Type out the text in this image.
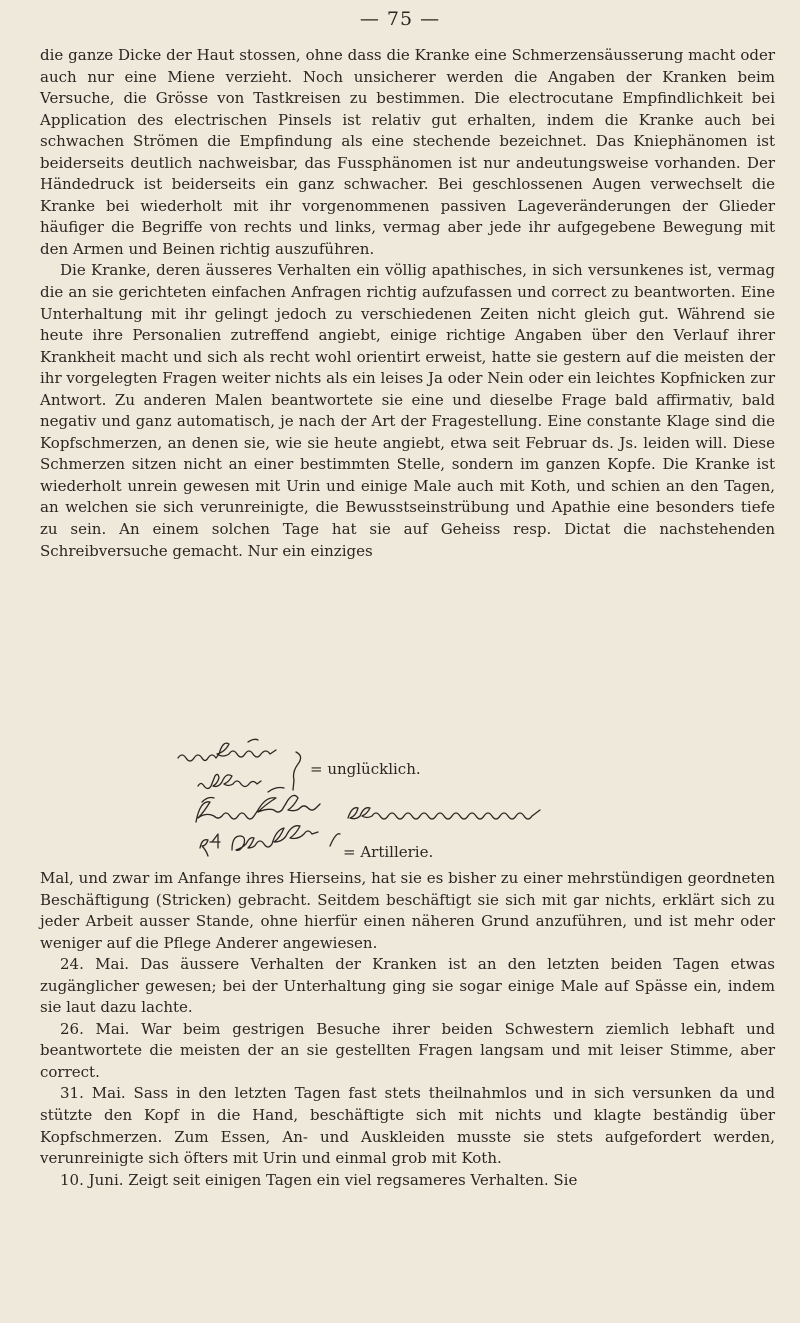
— 75 —

die ganze Dicke der Haut stossen, ohne dass die Kranke eine Schmerzensäusserung macht oder auch nur eine Miene verzieht. Noch unsicherer werden die Angaben der Kranken beim Versuche, die Grösse von Tastkreisen zu bestimmen. Die electrocutane Empfindlichkeit bei Application des electrischen Pinsels ist relativ gut erhalten, indem die Kranke auch bei schwachen Strömen die Empfindung als eine stechende bezeichnet. Das Kniephänomen ist beiderseits deutlich nachweisbar, das Fussphänomen ist nur andeutungsweise vorhanden. Der Händedruck ist beiderseits ein ganz schwacher. Bei geschlossenen Augen verwechselt die Kranke bei wiederholt mit ihr vorgenommenen passiven Lageveränderungen der Glieder häufiger die Begriffe von rechts und links, vermag aber jede ihr aufgegebene Bewegung mit den Armen und Beinen richtig auszuführen.

Die Kranke, deren äusseres Verhalten ein völlig apathisches, in sich versunkenes ist, vermag die an sie gerichteten einfachen Anfragen richtig aufzufassen und correct zu beantworten. Eine Unterhaltung mit ihr gelingt jedoch zu verschiedenen Zeiten nicht gleich gut. Während sie heute ihre Personalien zutreffend angiebt, einige richtige Angaben über den Verlauf ihrer Krankheit macht und sich als recht wohl orientirt erweist, hatte sie gestern auf die meisten der ihr vorgelegten Fragen weiter nichts als ein leises Ja oder Nein oder ein leichtes Kopfnicken zur Antwort. Zu anderen Malen beantwortete sie eine und dieselbe Frage bald affirmativ, bald negativ und ganz automatisch, je nach der Art der Fragestellung. Eine constante Klage sind die Kopfschmerzen, an denen sie, wie sie heute angiebt, etwa seit Februar ds. Js. leiden will. Diese Schmerzen sitzen nicht an einer bestimmten Stelle, sondern im ganzen Kopfe. Die Kranke ist wiederholt unrein gewesen mit Urin und einige Male auch mit Koth, und schien an den Tagen, an welchen sie sich verunreinigte, die Bewusstseinstrübung und Apathie eine besonders tiefe zu sein. An einem solchen Tage hat sie auf Geheiss resp. Dictat die nachstehenden Schreibversuche gemacht. Nur ein einziges

= unglücklich.
= Artillerie.

Mal, und zwar im Anfange ihres Hierseins, hat sie es bisher zu einer mehrstündigen geordneten Beschäftigung (Stricken) gebracht. Seitdem beschäftigt sie sich mit gar nichts, erklärt sich zu jeder Arbeit ausser Stande, ohne hierfür einen näheren Grund anzuführen, und ist mehr oder weniger auf die Pflege Anderer angewiesen.

24. Mai. Das äussere Verhalten der Kranken ist an den letzten beiden Tagen etwas zugänglicher gewesen; bei der Unterhaltung ging sie sogar einige Male auf Spässe ein, indem sie laut dazu lachte.

26. Mai. War beim gestrigen Besuche ihrer beiden Schwestern ziemlich lebhaft und beantwortete die meisten der an sie gestellten Fragen langsam und mit leiser Stimme, aber correct.

31. Mai. Sass in den letzten Tagen fast stets theilnahmlos und in sich versunken da und stützte den Kopf in die Hand, beschäftigte sich mit nichts und klagte beständig über Kopfschmerzen. Zum Essen, An- und Auskleiden musste sie stets aufgefordert werden, verunreinigte sich öfters mit Urin und einmal grob mit Koth.

10. Juni. Zeigt seit einigen Tagen ein viel regsameres Verhalten. Sie
